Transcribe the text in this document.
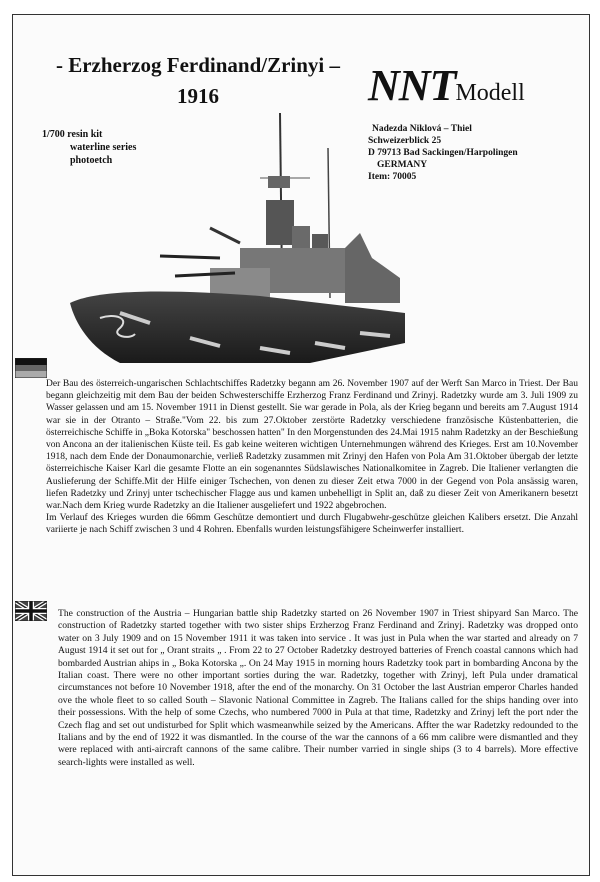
- Erzherzog Ferdinand/Zrinyi –
1916	NNTModell
1/700 resin kit
waterline series
photoetch
Nadezda Niklová – Thiel
Schweizerblick 25
D 79713 Bad Sackingen/Harpolingen
GERMANY
Item: 70005
Der Bau des österreich-ungarischen Schlachtschiffes Radetzky begann am 26. November 1907 auf der Werft San Marco in Triest. Der Bau begann gleichzeitig mit dem Bau der beiden Schwesterschiffe Erzherzog Franz Ferdinand und Zrinyj. Radetzky wurde am 3. Juli 1909 zu Wasser gelassen und am 15. November 1911 in Dienst gestellt. Sie war gerade in Pola, als der Krieg begann und bereits am 7.August 1914 war sie in der Otranto – Straße."Vom 22. bis zum 27.Oktober zerstörte Radetzky verschiedene französische Küstenbatterien, die österreichische Schiffe in „Boka Kotorska" beschossen hatten" In den Morgenstunden des 24.Mai 1915 nahm Radetzky an der Beschießung von Ancona an der italienischen Küste teil. Es gab keine weiteren wichtigen Unternehmungen während des Krieges. Erst am 10.November 1918, nach dem Ende der Donaumonarchie, verließ Radetzky zusammen mit Zrinyj den Hafen von Pola Am 31.Oktober übergab der letzte österreichische Kaiser Karl die gesamte Flotte an ein sogenanntes Südslawisches Nationalkomitee in Zagreb. Die Italiener verlangten die Auslieferung der Schiffe.Mit der Hilfe einiger Tschechen, von denen zu dieser Zeit etwa 7000 in der Gegend von Pola ansässig waren, liefen Radetzky und Zrinyj unter tschechischer Flagge aus und kamen unbehelligt in Split an, daß zu dieser Zeit von Amerikanern besetzt war.Nach dem Krieg wurde Radetzky an die Italiener ausgeliefert und 1922 abgebrochen.
Im Verlauf des Krieges wurden die 66mm Geschütze demontiert und durch Flugabwehr-geschütze gleichen Kalibers ersetzt. Die Anzahl variierte je nach Schiff zwischen 3 und 4 Rohren. Ebenfalls wurden leistungsfähigere Scheinwerfer installiert.
The construction of the Austria – Hungarian battle ship Radetzky started on 26 November 1907 in Triest shipyard San Marco. The construction of Radetzky started together with two sister ships Erzherzog Franz Ferdinand and Zrinyj. Radetzky was dropped onto water on 3 July 1909 and on 15 November 1911 it was taken into service . It was just in Pula when the war started and already on 7 August 1914 it set out for „ Orant straits „ . From 22 to 27 October Radetzky destroyed batteries of French coastal cannons which had bombarded Austrian ahips in „ Boka Kotorska „. On 24 May 1915 in morning hours Radetzky took part in bombarding Ancona by the Italian coast. There were no other important sorties during the war. Radetzky, together with Zrinyj, left Pula under dramatical circumstances not before 10 November 1918, after the end of the monarchy. On 31 October the last Austrian emperor Charles handed ove the whole fleet to so called South – Slavonic National Committee in Zagreb. The Italians called for the ships handing over into their possessions. With the help of some Czechs, who numbered 7000 in Pula at that time, Radetzky and Zrinyj left the port nder the Czech flag and set out undisturbed for Split which wasmeanwhile seized by the Americans. Affter the war Radetzky redounded to the Italians and by the end of 1922 it was dismantled. In the course of the war the cannons of a 66 mm calibre were dismantled and they were replaced with anti-aircraft cannons of the same calibre. Their number varried in single ships (3 to 4 barrels). More effective search-lights were installed as well.
